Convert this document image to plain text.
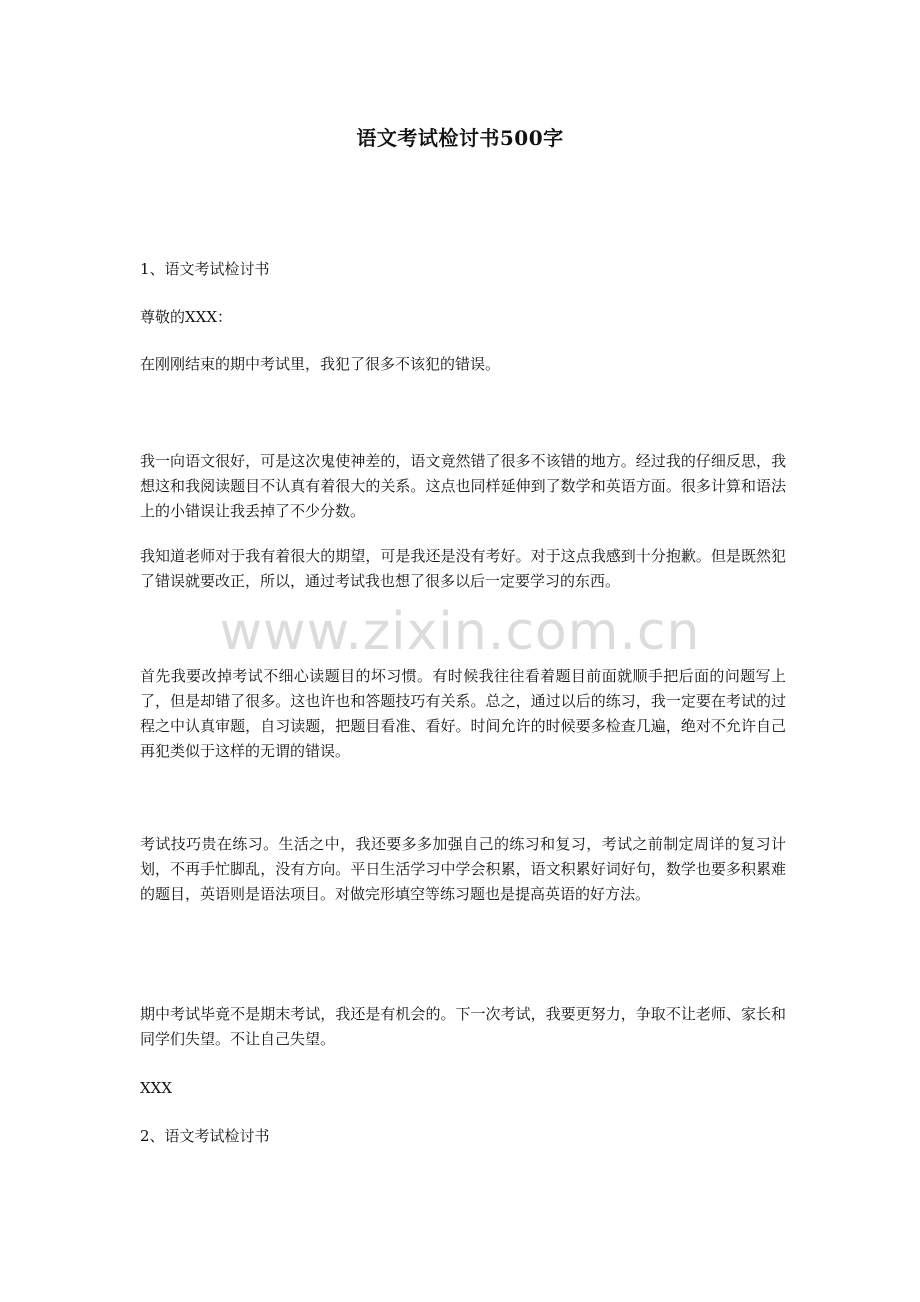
语文考试检讨书500字

1、语文考试检讨书

尊敬的XXX：

在刚刚结束的期中考试里，我犯了很多不该犯的错误。

我一向语文很好，可是这次鬼使神差的，语文竟然错了很多不该错的地方。经过我的仔细反思，我想这和我阅读题目不认真有着很大的关系。这点也同样延伸到了数学和英语方面。很多计算和语法上的小错误让我丢掉了不少分数。

我知道老师对于我有着很大的期望，可是我还是没有考好。对于这点我感到十分抱歉。但是既然犯了错误就要改正，所以，通过考试我也想了很多以后一定要学习的东西。

www.zixin.com.cn

首先我要改掉考试不细心读题目的坏习惯。有时候我往往看着题目前面就顺手把后面的问题写上了，但是却错了很多。这也许也和答题技巧有关系。总之，通过以后的练习，我一定要在考试的过程之中认真审题，自习读题，把题目看准、看好。时间允许的时候要多检查几遍，绝对不允许自己再犯类似于这样的无谓的错误。

考试技巧贵在练习。生活之中，我还要多多加强自己的练习和复习，考试之前制定周详的复习计划，不再手忙脚乱，没有方向。平日生活学习中学会积累，语文积累好词好句，数学也要多积累难的题目，英语则是语法项目。对做完形填空等练习题也是提高英语的好方法。

期中考试毕竟不是期末考试，我还是有机会的。下一次考试，我要更努力，争取不让老师、家长和同学们失望。不让自己失望。

XXX

2、语文考试检讨书
